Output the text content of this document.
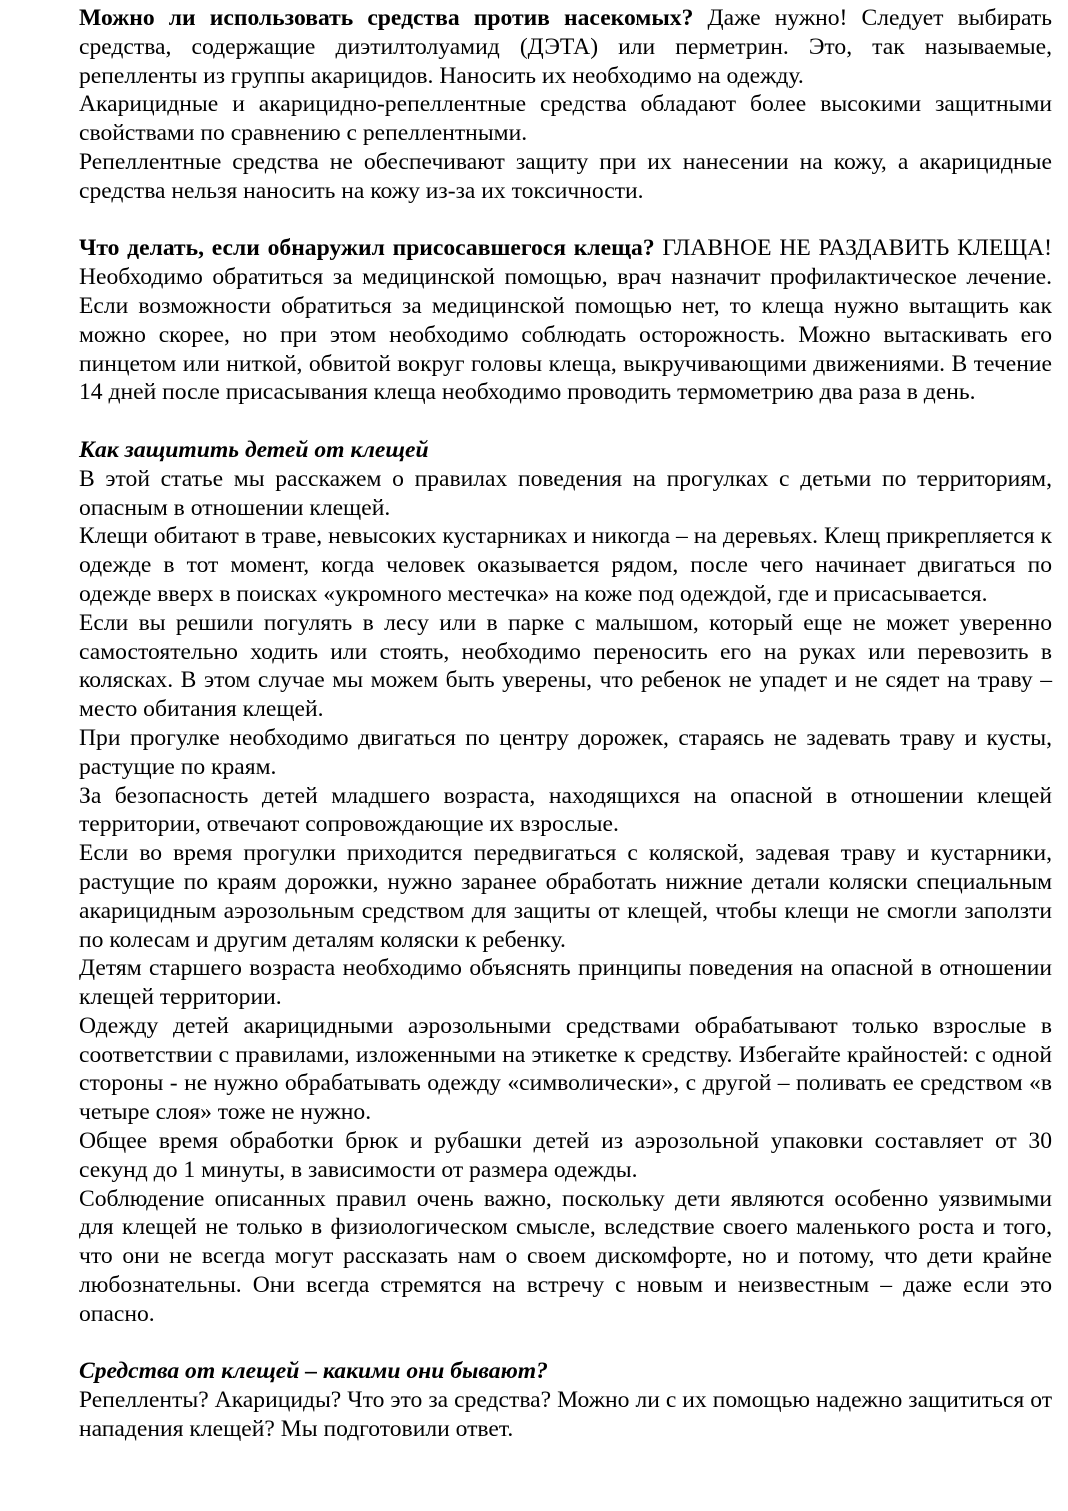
Можно ли использовать средства против насекомых? Даже нужно! Следует выбирать средства, содержащие диэтилтолуамид (ДЭТА) или перметрин. Это, так называемые, репелленты из группы акарицидов. Наносить их необходимо на одежду.

Акарицидные и акарицидно-репеллентные средства обладают более высокими защитными свойствами по сравнению с репеллентными.

Репеллентные средства не обеспечивают защиту при их нанесении на кожу, а акарицидные средства нельзя наносить на кожу из-за их токсичности.

Что делать, если обнаружил присосавшегося клеща? ГЛАВНОЕ НЕ РАЗДАВИТЬ КЛЕЩА! Необходимо обратиться за медицинской помощью, врач назначит профилактическое лечение. Если возможности обратиться за медицинской помощью нет, то клеща нужно вытащить как можно скорее, но при этом необходимо соблюдать осторожность. Можно вытаскивать его пинцетом или ниткой, обвитой вокруг головы клеща, выкручивающими движениями. В течение 14 дней после присасывания клеща необходимо проводить термометрию два раза в день.

Как защитить детей от клещей

В этой статье мы расскажем о правилах поведения на прогулках с детьми по территориям, опасным в отношении клещей.

Клещи обитают в траве, невысоких кустарниках и никогда – на деревьях. Клещ прикрепляется к одежде в тот момент, когда человек оказывается рядом, после чего начинает двигаться по одежде вверх в поисках «укромного местечка» на коже под одеждой, где и присасывается.

Если вы решили погулять в лесу или в парке с малышом, который еще не может уверенно самостоятельно ходить или стоять, необходимо переносить его на руках или перевозить в колясках. В этом случае мы можем быть уверены, что ребенок не упадет и не сядет на траву – место обитания клещей.

При прогулке необходимо двигаться по центру дорожек, стараясь не задевать траву и кусты, растущие по краям.

За безопасность детей младшего возраста, находящихся на опасной в отношении клещей территории, отвечают сопровождающие их взрослые.

Если во время прогулки приходится передвигаться с коляской, задевая траву и кустарники, растущие по краям дорожки, нужно заранее обработать нижние детали коляски специальным акарицидным аэрозольным средством для защиты от клещей, чтобы клещи не смогли заползти по колесам и другим деталям коляски к ребенку.

Детям старшего возраста необходимо объяснять принципы поведения на опасной в отношении клещей территории.

Одежду детей акарицидными аэрозольными средствами обрабатывают только взрослые в соответствии с правилами, изложенными на этикетке к средству. Избегайте крайностей: с одной стороны - не нужно обрабатывать одежду «символически», с другой – поливать ее средством «в четыре слоя» тоже не нужно.

Общее время обработки брюк и рубашки детей из аэрозольной упаковки составляет от 30 секунд до 1 минуты, в зависимости от размера одежды.

Соблюдение описанных правил очень важно, поскольку дети являются особенно уязвимыми для клещей не только в физиологическом смысле, вследствие своего маленького роста и того, что они не всегда могут рассказать нам о своем дискомфорте, но и потому, что дети крайне любознательны. Они всегда стремятся на встречу с новым и неизвестным – даже если это опасно.

Средства от клещей – какими они бывают?

Репелленты? Акарициды? Что это за средства? Можно ли с их помощью надежно защититься от нападения клещей? Мы подготовили ответ.
